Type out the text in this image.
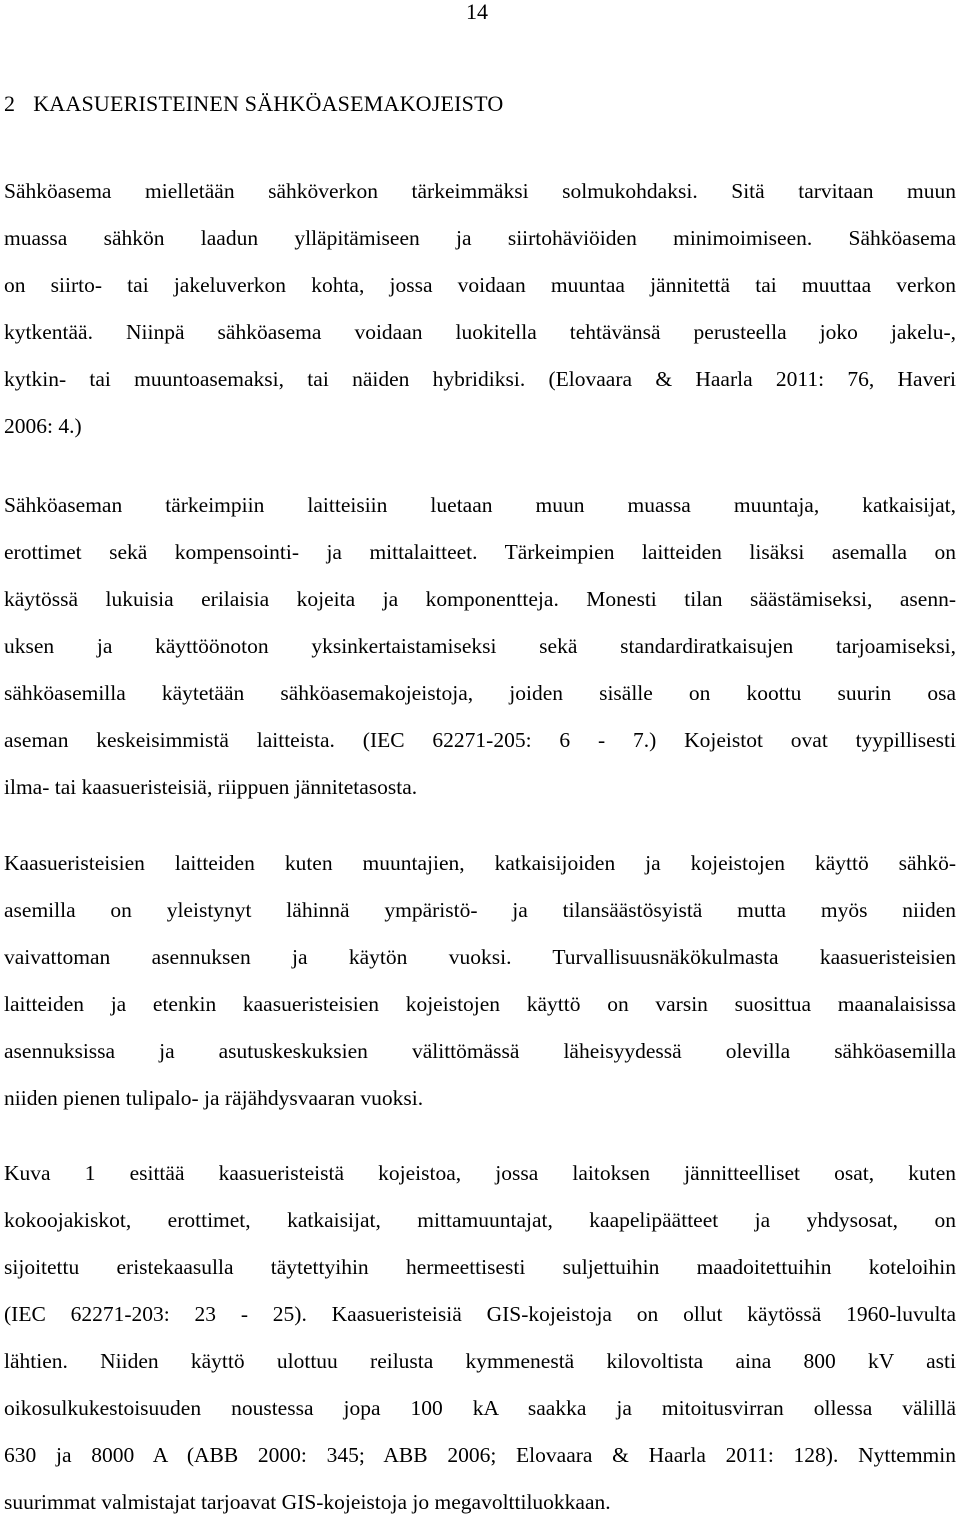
14
2 KAASUERISTEINEN SÄHKÖASEMAKOJEISTO
Sähköasema mielletään sähköverkon tärkeimmäksi solmukohdaksi. Sitä tarvitaan muun
muassa sähkön laadun ylläpitämiseen ja siirtohäviöiden minimoimiseen. Sähköasema
on siirto- tai jakeluverkon kohta, jossa voidaan muuntaa jännitettä tai muuttaa verkon
kytkentää. Niinpä sähköasema voidaan luokitella tehtävänsä perusteella joko jakelu-,
kytkin- tai muuntoasemaksi, tai näiden hybridiksi. (Elovaara & Haarla 2011: 76, Haveri
2006: 4.)
Sähköaseman tärkeimpiin laitteisiin luetaan muun muassa muuntaja, katkaisijat,
erottimet sekä kompensointi- ja mittalaitteet. Tärkeimpien laitteiden lisäksi asemalla on
käytössä lukuisia erilaisia kojeita ja komponentteja. Monesti tilan säästämiseksi, asenn-
uksen ja käyttöönoton yksinkertaistamiseksi sekä standardiratkaisujen tarjoamiseksi,
sähköasemilla käytetään sähköasemakojeistoja, joiden sisälle on koottu suurin osa
aseman keskeisimmistä laitteista. (IEC 62271-205: 6 - 7.) Kojeistot ovat tyypillisesti
ilma- tai kaasueristeisiä, riippuen jännitetasosta.
Kaasueristeisien laitteiden kuten muuntajien, katkaisijoiden ja kojeistojen käyttö sähkö-
asemilla on yleistynyt lähinnä ympäristö- ja tilansäästösyistä mutta myös niiden
vaivattoman asennuksen ja käytön vuoksi. Turvallisuusnäkökulmasta kaasueristeisien
laitteiden ja etenkin kaasueristeisien kojeistojen käyttö on varsin suosittua maanalaisissa
asennuksissa ja asutuskeskuksien välittömässä läheisyydessä olevilla sähköasemilla
niiden pienen tulipalo- ja räjähdysvaaran vuoksi.
Kuva 1 esittää kaasueristeistä kojeistoa, jossa laitoksen jännitteelliset osat, kuten
kokoojakiskot, erottimet, katkaisijat, mittamuuntajat, kaapelipäätteet ja yhdysosat, on
sijoitettu eristekaasulla täytettyihin hermeettisesti suljettuihin maadoitettuihin koteloihin
(IEC 62271-203: 23 - 25). Kaasueristeisiä GIS-kojeistoja on ollut käytössä 1960-luvulta
lähtien. Niiden käyttö ulottuu reilusta kymmenestä kilovoltista aina 800 kV asti
oikosulkukestoisuuden noustessa jopa 100 kA saakka ja mitoitusvirran ollessa välillä
630 ja 8000 A (ABB 2000: 345; ABB 2006; Elovaara & Haarla 2011: 128). Nyttemmin
suurimmat valmistajat tarjoavat GIS-kojeistoja jo megavolttiluokkaan.
